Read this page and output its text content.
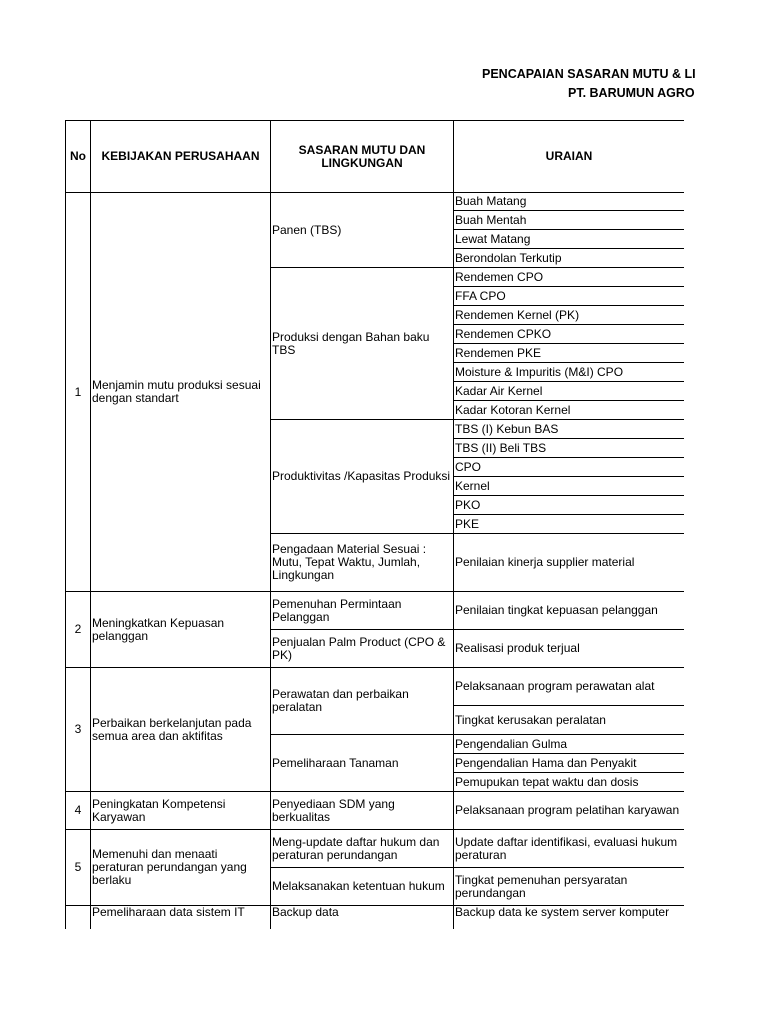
PENCAPAIAN SASARAN MUTU & LI
PT. BARUMUN AGRO
No	KEBIJAKAN PERUSAHAAN	SASARAN MUTU DAN LINGKUNGAN	URAIAN
1	Menjamin mutu produksi sesuai dengan standart	Panen (TBS)	Buah Matang
			Buah Mentah
			Lewat Matang
			Berondolan Terkutip
		Produksi dengan Bahan baku TBS	Rendemen CPO
			FFA CPO
			Rendemen Kernel (PK)
			Rendemen CPKO
			Rendemen PKE
			Moisture & Impuritis (M&I) CPO
			Kadar Air Kernel
			Kadar Kotoran Kernel
		Produktivitas /Kapasitas Produksi	TBS (I) Kebun BAS
			TBS (II) Beli TBS
			CPO
			Kernel
			PKO
			PKE
		Pengadaan Material Sesuai : Mutu, Tepat Waktu, Jumlah, Lingkungan	Penilaian kinerja supplier material
2	Meningkatkan Kepuasan pelanggan	Pemenuhan Permintaan Pelanggan	Penilaian tingkat kepuasan pelanggan
		Penjualan Palm Product (CPO & PK)	Realisasi produk terjual
3	Perbaikan berkelanjutan pada semua area dan aktifitas	Perawatan dan perbaikan peralatan	Pelaksanaan program perawatan alat
			Tingkat kerusakan peralatan
		Pemeliharaan Tanaman	Pengendalian Gulma
			Pengendalian Hama dan Penyakit
			Pemupukan tepat waktu dan dosis
4	Peningkatan Kompetensi Karyawan	Penyediaan SDM yang berkualitas	Pelaksanaan program pelatihan karyawan
5	Memenuhi dan menaati peraturan perundangan yang berlaku	Meng-update daftar hukum dan peraturan perundangan	Update daftar identifikasi, evaluasi hukum peraturan
		Melaksanakan ketentuan hukum	Tingkat pemenuhan persyaratan perundangan
	Pemeliharaan data sistem IT	Backup data	Backup data ke system server komputer
